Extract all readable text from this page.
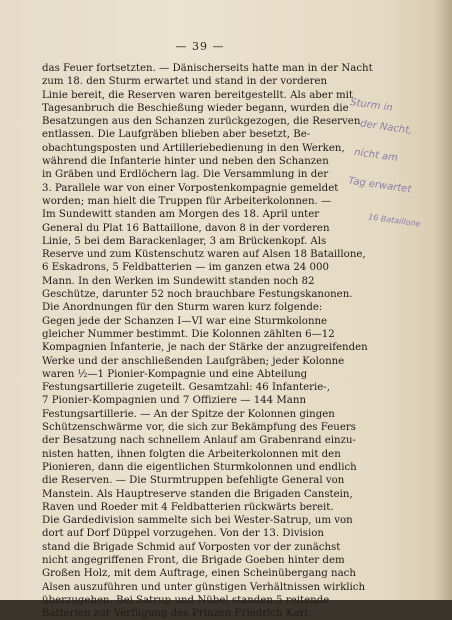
— 39 —
das Feuer fortsetzten. — Dänischerseits hatte man in der Nacht
zum 18. den Sturm erwartet und stand in der vorderen
Linie bereit, die Reserven waren bereitgestellt. Als aber mit
Tagesanbruch die Beschießung wieder begann, wurden die
Besatzungen aus den Schanzen zurückgezogen, die Reserven
entlassen. Die Laufgräben blieben aber besetzt, Be-
obachtungsposten und Artilleriebedienung in den Werken,
während die Infanterie hinter und neben den Schanzen
in Gräben und Erdlöchern lag. Die Versammlung in der
3. Parallele war von einer Vorpostenkompagnie gemeldet
worden; man hielt die Truppen für Arbeiterkolonnen. —
Im Sundewitt standen am Morgen des 18. April unter
General du Plat 16 Battaillone, davon 8 in der vorderen
Linie, 5 bei dem Barackenlager, 3 am Brückenkopf. Als
Reserve und zum Küstenschutz waren auf Alsen 18 Bataillone,
6 Eskadrons, 5 Feldbatterien — im ganzen etwa 24 000
Mann. In den Werken im Sundewitt standen noch 82
Geschütze, darunter 52 noch brauchbare Festungskanonen.
Die Anordnungen für den Sturm waren kurz folgende:
Gegen jede der Schanzen I—VI war eine Sturmkolonne
gleicher Nummer bestimmt. Die Kolonnen zählten 6—12
Kompagnien Infanterie, je nach der Stärke der anzugreifenden
Werke und der anschließenden Laufgräben; jeder Kolonne
waren ½—1 Pionier-Kompagnie und eine Abteilung
Festungsartillerie zugeteilt. Gesamtzahl: 46 Infanterie-,
7 Pionier-Kompagnien und 7 Offiziere — 144 Mann
Festungsartillerie. — An der Spitze der Kolonnen gingen
Schützenschwärme vor, die sich zur Bekämpfung des Feuers
der Besatzung nach schnellem Anlauf am Grabenrand einzu-
nisten hatten, ihnen folgten die Arbeiterkolonnen mit den
Pionieren, dann die eigentlichen Sturmkolonnen und endlich
die Reserven. — Die Sturmtruppen befehligte General von
Manstein. Als Hauptreserve standen die Brigaden Canstein,
Raven und Roeder mit 4 Feldbatterien rückwärts bereit.
Die Gardedivision sammelte sich bei Wester-Satrup, um von
dort auf Dorf Düppel vorzugehen. Von der 13. Division
stand die Brigade Schmid auf Vorposten vor der zunächst
nicht angegriffenen Front, die Brigade Goeben hinter dem
Großen Holz, mit dem Auftrage, einen Scheinübergang nach
Alsen auszuführen und unter günstigen Verhältnissen wirklich
überzugehen. Bei Satrup und Nübel standen 5 reitende
Batterien zur Verfügung des Prinzen Friedrich Karl.
Sturm in
der Nacht,
nicht am
Tag erwartet
16 Bataillone
